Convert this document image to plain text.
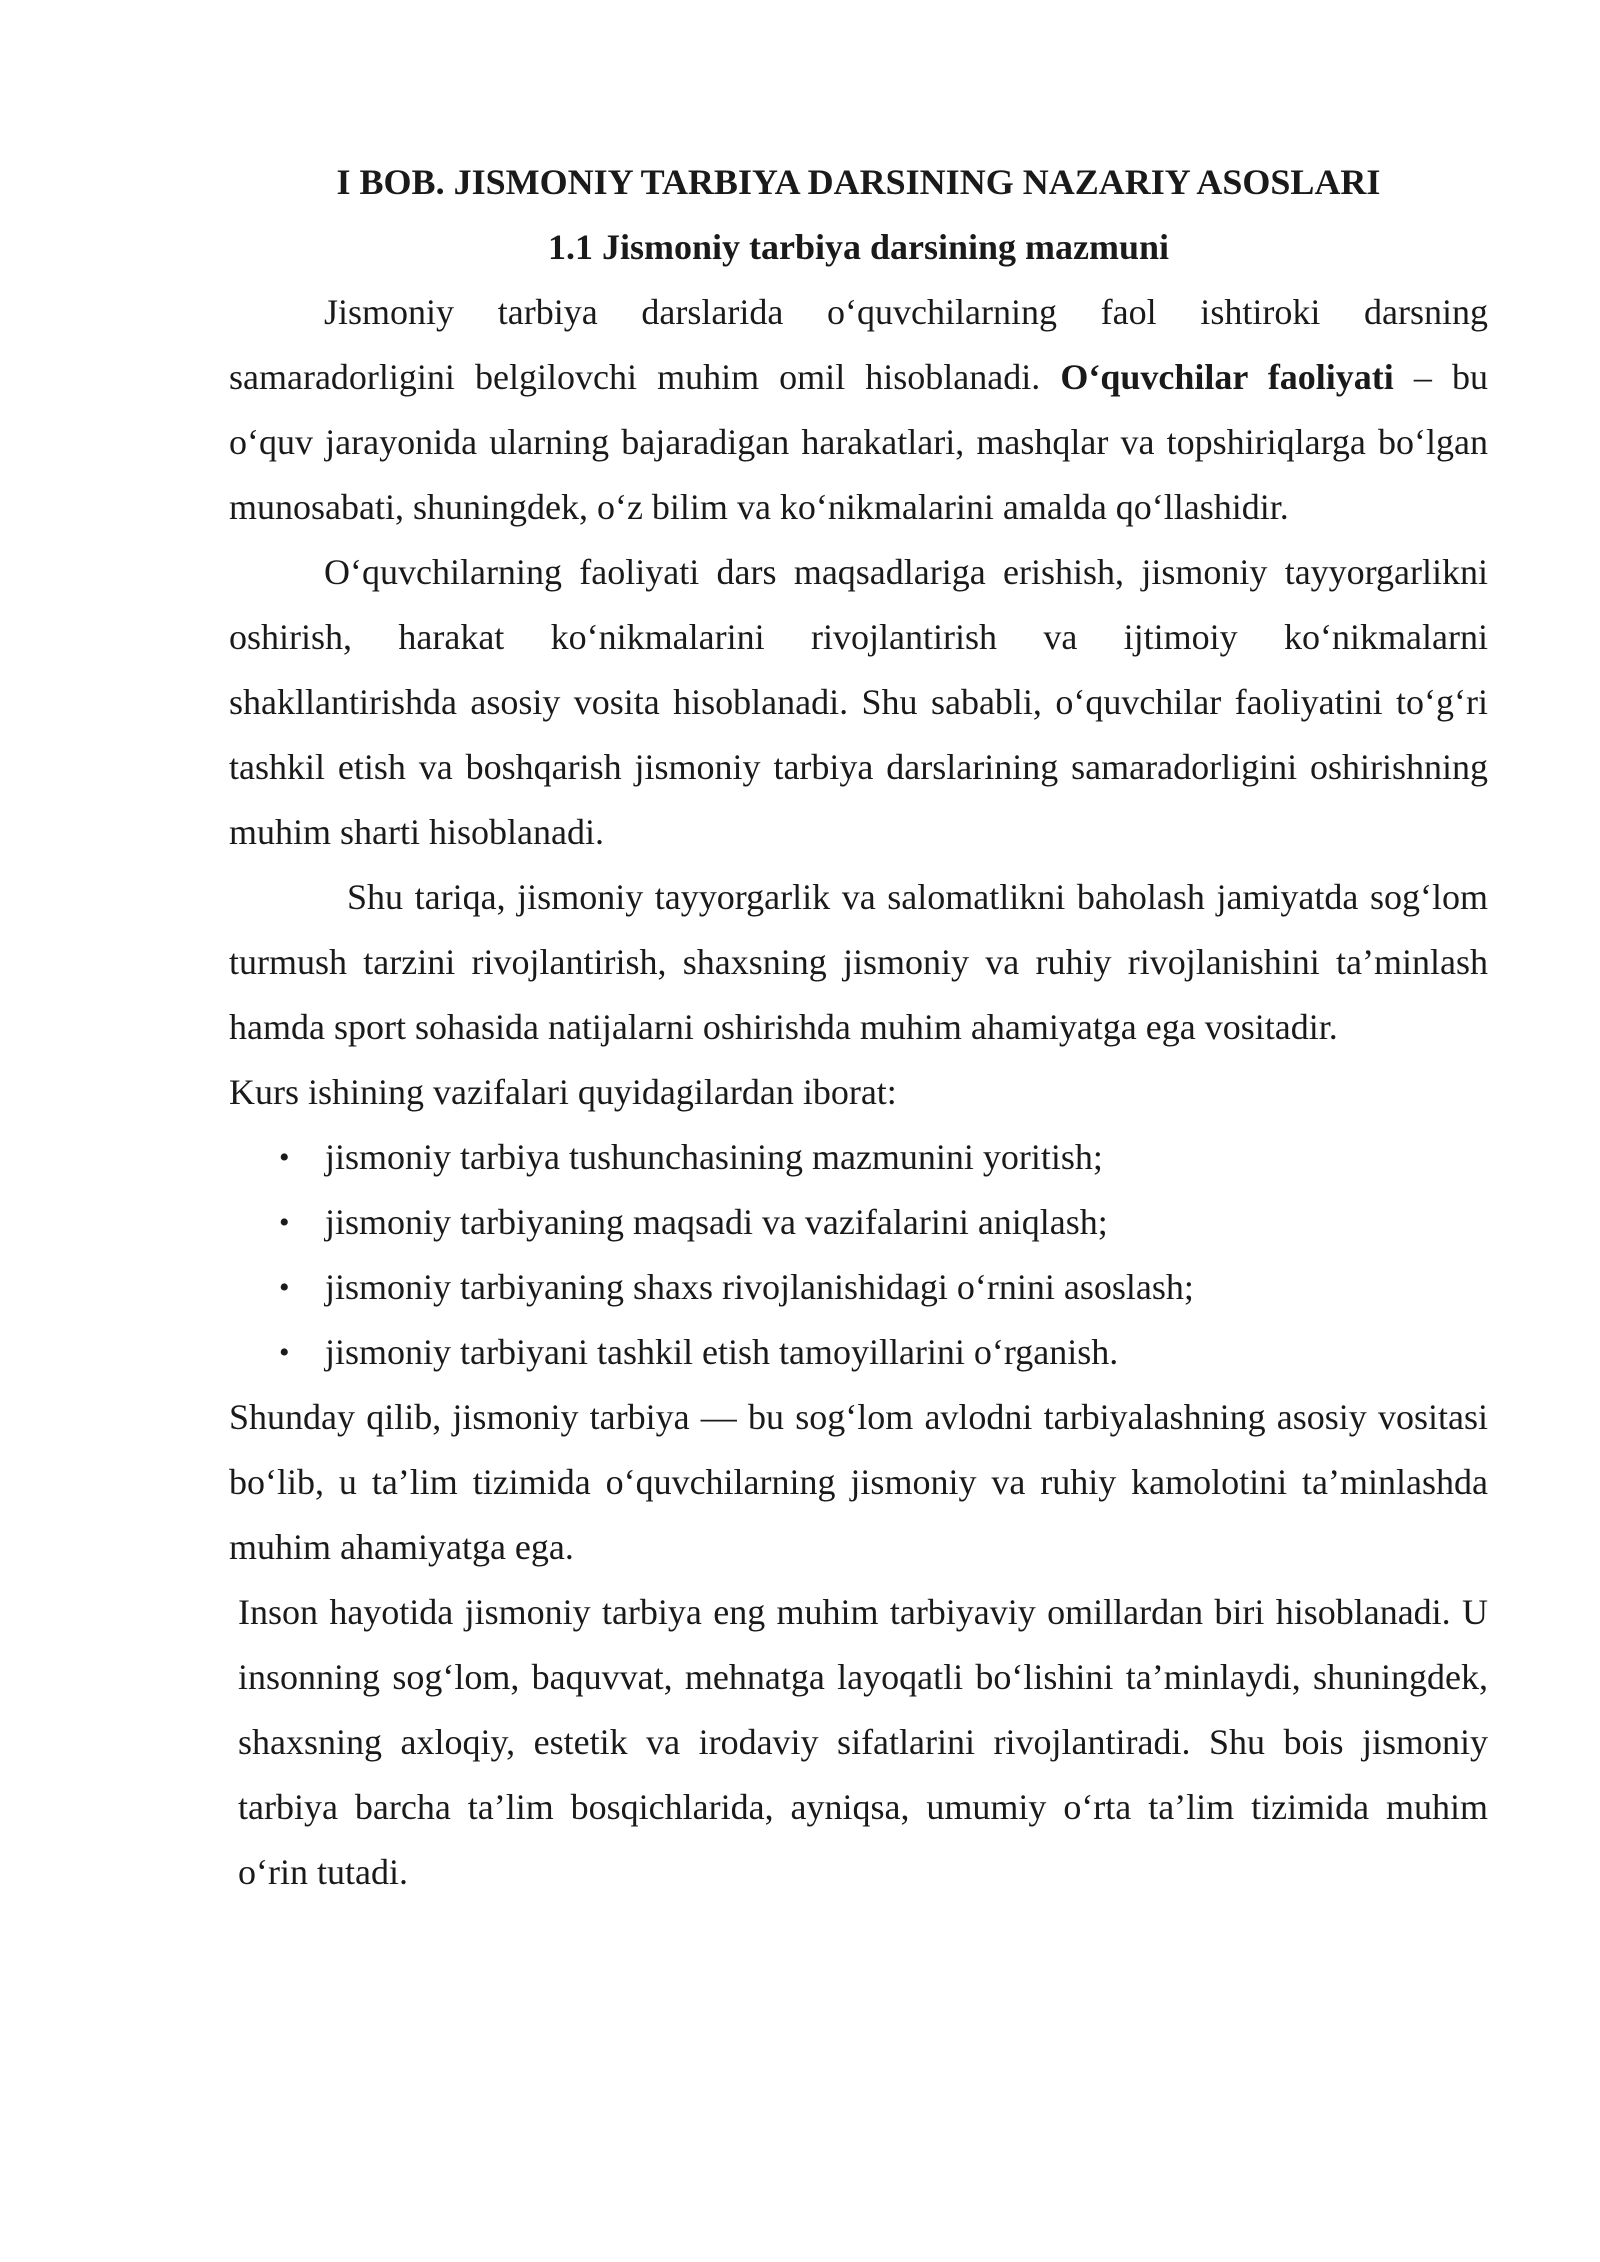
I BOB. JISMONIY TARBIYA DARSINING NAZARIY ASOSLARI
1.1 Jismoniy tarbiya darsining mazmuni

Jismoniy tarbiya darslarida o‘quvchilarning faol ishtiroki darsning samaradorligini belgilovchi muhim omil hisoblanadi. O‘quvchilar faoliyati – bu o‘quv jarayonida ularning bajaradigan harakatlari, mashqlar va topshiriqlarga bo‘lgan munosabati, shuningdek, o‘z bilim va ko‘nikmalarini amalda qo‘llashidir.

O‘quvchilarning faoliyati dars maqsadlariga erishish, jismoniy tayyorgarlikni oshirish, harakat ko‘nikmalarini rivojlantirish va ijtimoiy ko‘nikmalarni shakllantirishda asosiy vosita hisoblanadi. Shu sababli, o‘quvchilar faoliyatini to‘g‘ri tashkil etish va boshqarish jismoniy tarbiya darslarining samaradorligini oshirishning muhim sharti hisoblanadi.

Shu tariqa, jismoniy tayyorgarlik va salomatlikni baholash jamiyatda sog‘lom turmush tarzini rivojlantirish, shaxsning jismoniy va ruhiy rivojlanishini ta’minlash hamda sport sohasida natijalarni oshirishda muhim ahamiyatga ega vositadir.

Kurs ishining vazifalari quyidagilardan iborat:

• jismoniy tarbiya tushunchasining mazmunini yoritish;
• jismoniy tarbiyaning maqsadi va vazifalarini aniqlash;
• jismoniy tarbiyaning shaxs rivojlanishidagi o‘rnini asoslash;
• jismoniy tarbiyani tashkil etish tamoyillarini o‘rganish.

Shunday qilib, jismoniy tarbiya — bu sog‘lom avlodni tarbiyalashning asosiy vositasi bo‘lib, u ta’lim tizimida o‘quvchilarning jismoniy va ruhiy kamolotini ta’minlashda muhim ahamiyatga ega.

Inson hayotida jismoniy tarbiya eng muhim tarbiyaviy omillardan biri hisoblanadi. U insonning sog‘lom, baquvvat, mehnatga layoqatli bo‘lishini ta’minlaydi, shuningdek, shaxsning axloqiy, estetik va irodaviy sifatlarini rivojlantiradi. Shu bois jismoniy tarbiya barcha ta’lim bosqichlarida, ayniqsa, umumiy o‘rta ta’lim tizimida muhim o‘rin tutadi.
